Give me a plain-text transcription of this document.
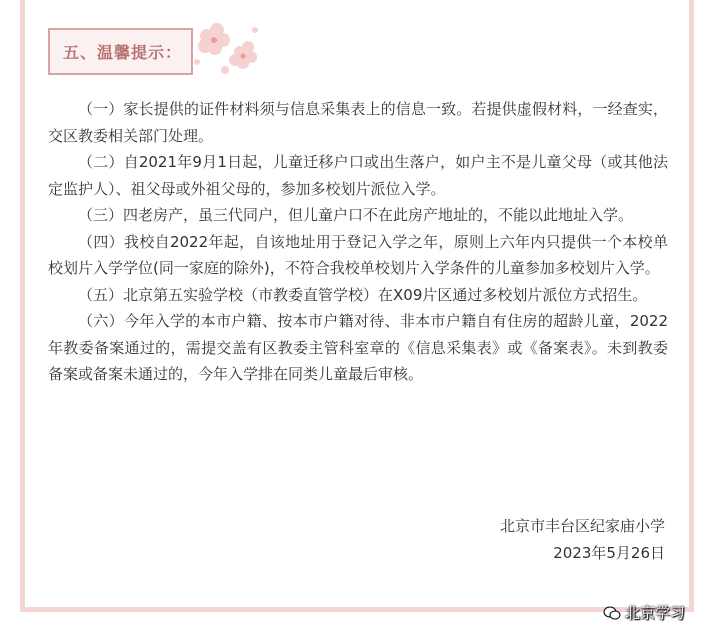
五、温馨提示：

（一）家长提供的证件材料须与信息采集表上的信息一致。若提供虚假材料，一经查实，交区教委相关部门处理。

（二）自2021年9月1日起，儿童迁移户口或出生落户，如户主不是儿童父母（或其他法定监护人）、祖父母或外祖父母的，参加多校划片派位入学。

（三）四老房产，虽三代同户，但儿童户口不在此房产地址的，不能以此地址入学。

（四）我校自2022年起，自该地址用于登记入学之年，原则上六年内只提供一个本校单校划片入学学位(同一家庭的除外)，不符合我校单校划片入学条件的儿童参加多校划片入学。

（五）北京第五实验学校（市教委直管学校）在X09片区通过多校划片派位方式招生。

（六）今年入学的本市户籍、按本市户籍对待、非本市户籍自有住房的超龄儿童，2022年教委备案通过的，需提交盖有区教委主管科室章的《信息采集表》或《备案表》。未到教委备案或备案未通过的，今年入学排在同类儿童最后审核。

北京市丰台区纪家庙小学
2023年5月26日
北京学习
